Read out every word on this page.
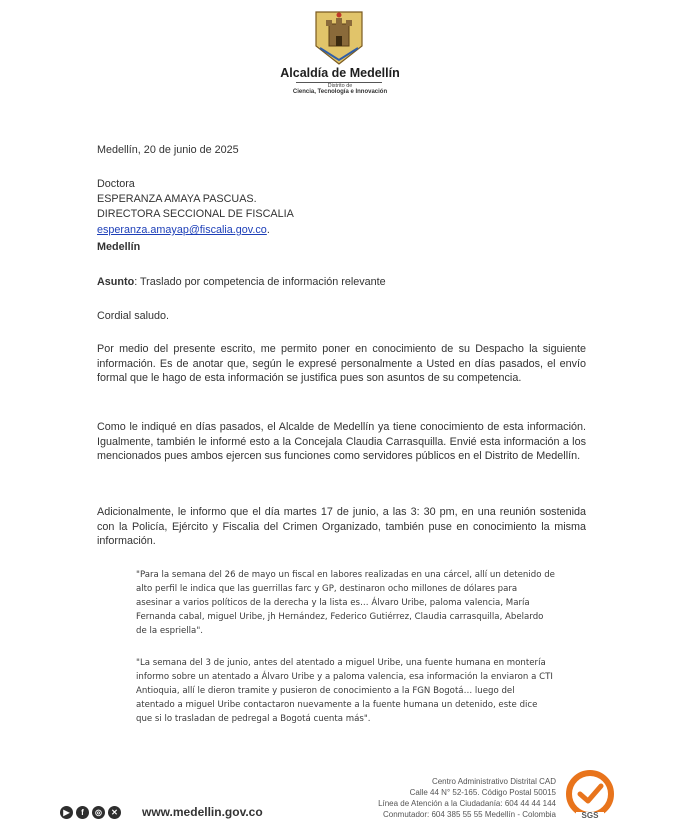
Alcaldía de Medellín
Distrito de
Ciencia, Tecnología e Innovación
Medellín, 20 de junio de 2025
Doctora
ESPERANZA AMAYA PASCUAS.
DIRECTORA SECCIONAL DE FISCALIA
esperanza.amayap@fiscalia.gov.co.
Medellín
Asunto: Traslado por competencia de información relevante
Cordial saludo.
Por medio del presente escrito, me permito poner en conocimiento de su Despacho la siguiente información. Es de anotar que, según le expresé personalmente a Usted en días pasados, el envío formal que le hago de esta información se justifica pues son asuntos de su competencia.
Como le indiqué en días pasados, el Alcalde de Medellín ya tiene conocimiento de esta información. Igualmente, también le informé esto a la Concejala Claudia Carrasquilla. Envié esta información a los mencionados pues ambos ejercen sus funciones como servidores públicos en el Distrito de Medellín.
Adicionalmente, le informo que el día martes 17 de junio, a las 3: 30 pm, en una reunión sostenida con la Policía, Ejército y Fiscalia del Crimen Organizado, también puse en conocimiento la misma información.
"Para la semana del 26 de mayo un fiscal en labores realizadas en una cárcel, allí un detenido de alto perfil le indica que las guerrillas farc y GP, destinaron ocho millones de dólares para asesinar a varios políticos de la derecha y la lista es… Álvaro Uribe, paloma valencia, María Fernanda cabal, miguel Uribe, jh Hernández, Federico Gutiérrez, Claudia carrasquilla, Abelardo de la espriella".
"La semana del 3 de junio, antes del atentado a miguel Uribe, una fuente humana en montería informo sobre un atentado a Álvaro Uribe y a paloma valencia, esa información la enviaron a CTI Antioquia, allí le dieron tramite y pusieron de conocimiento a la FGN Bogotá… luego del atentado a miguel Uribe contactaron nuevamente a la fuente humana un detenido, este dice que si lo trasladan de pedregal a Bogotá cuenta más".
▶	f	◎	✕ www.medellin.gov.co
Centro Administrativo Distrital CAD
Calle 44 N° 52-165. Código Postal 50015
Línea de Atención a la Ciudadanía: 604 44 44 144
Conmutador: 604 385 55 55 Medellín - Colombia	SGS
